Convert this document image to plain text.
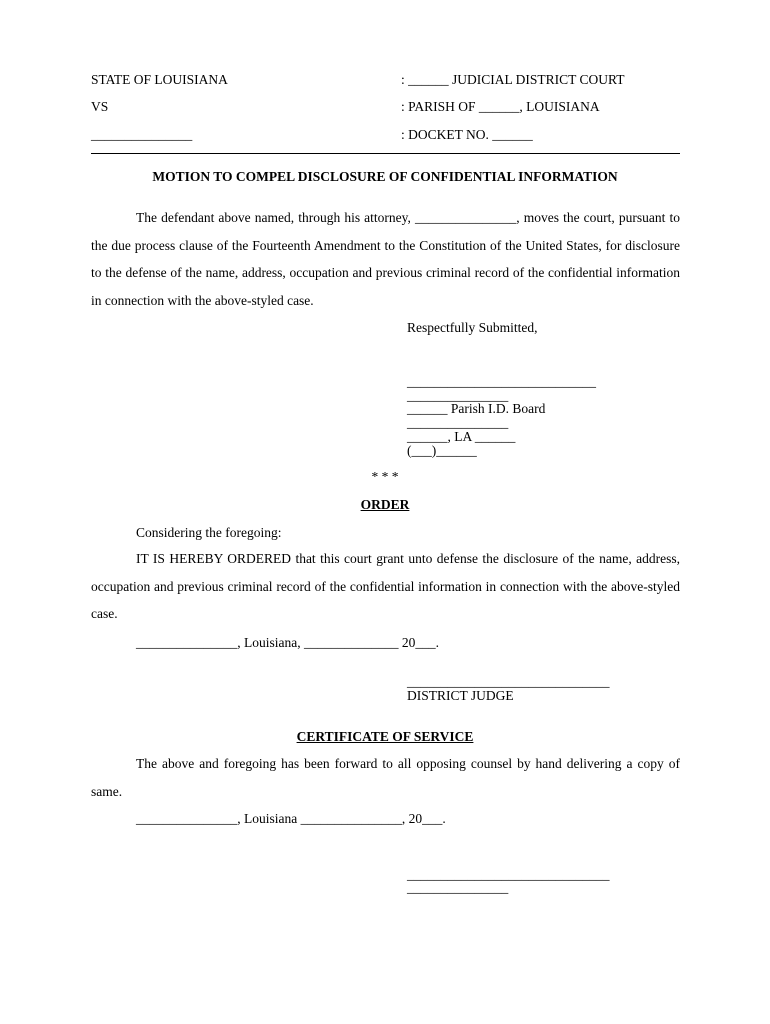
STATE OF LOUISIANA	: ______ JUDICIAL DISTRICT COURT
VS	: PARISH OF ______, LOUISIANA
_______________	: DOCKET NO. ______
MOTION TO COMPEL DISCLOSURE OF CONFIDENTIAL INFORMATION
The defendant above named, through his attorney, _______________, moves the court, pursuant to the due process clause of the Fourteenth Amendment to the Constitution of the United States, for disclosure to the defense of the name, address, occupation and previous criminal record of the confidential information in connection with the above-styled case.
Respectfully Submitted,
____________________________
_______________
______ Parish I.D. Board
_______________
______, LA ______
(___)______
* * *
ORDER
Considering the foregoing:
IT IS HEREBY ORDERED that this court grant unto defense the disclosure of the name, address, occupation and previous criminal record of the confidential information in connection with the above-styled case.
_______________, Louisiana, ______________ 20___.
______________________________
DISTRICT JUDGE
CERTIFICATE OF SERVICE
The above and foregoing has been forward to all opposing counsel by hand delivering a copy of same.
_______________, Louisiana _______________, 20___.
______________________________
_______________
